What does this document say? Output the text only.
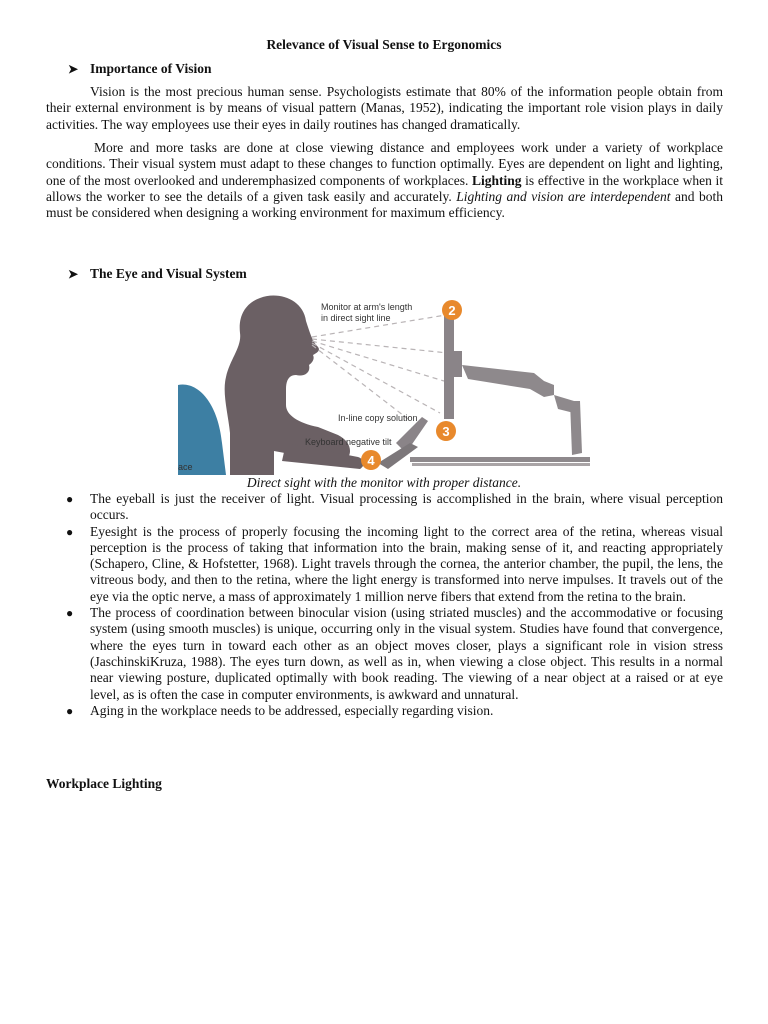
Relevance of Visual Sense to Ergonomics
➤ Importance of Vision

Vision is the most precious human sense. Psychologists estimate that 80% of the information people obtain from their external environment is by means of visual pattern (Manas, 1952), indicating the important role vision plays in daily activities. The way employees use their eyes in daily routines has changed dramatically.

More and more tasks are done at close viewing distance and employees work under a variety of workplace conditions. Their visual system must adapt to these changes to function optimally. Eyes are dependent on light and lighting, one of the most overlooked and underemphasized components of workplaces. Lighting is effective in the workplace when it allows the worker to see the details of a given task easily and accurately. Lighting and vision are interdependent and both must be considered when designing a working environment for maximum efficiency.

➤ The Eye and Visual System
2
3
4
Monitor at arm's length
in direct sight line
In-line copy solution
Keyboard negative tilt
ace
Direct sight with the monitor with proper distance.
● The eyeball is just the receiver of light. Visual processing is accomplished in the brain, where visual perception occurs.
● Eyesight is the process of properly focusing the incoming light to the correct area of the retina, whereas visual perception is the process of taking that information into the brain, making sense of it, and reacting appropriately (Schapero, Cline, & Hofstetter, 1968). Light travels through the cornea, the anterior chamber, the pupil, the lens, the vitreous body, and then to the retina, where the light energy is transformed into nerve impulses. It travels out of the eye via the optic nerve, a mass of approximately 1 million nerve fibers that extend from the retina to the brain.
● The process of coordination between binocular vision (using striated muscles) and the accommodative or focusing system (using smooth muscles) is unique, occurring only in the visual system. Studies have found that convergence, where the eyes turn in toward each other as an object moves closer, plays a significant role in vision stress (JaschinskiKruza, 1988). The eyes turn down, as well as in, when viewing a close object. This results in a normal near viewing posture, duplicated optimally with book reading. The viewing of a near object at a raised or at eye level, as is often the case in computer environments, is awkward and unnatural.
● Aging in the workplace needs to be addressed, especially regarding vision.
Workplace Lighting
